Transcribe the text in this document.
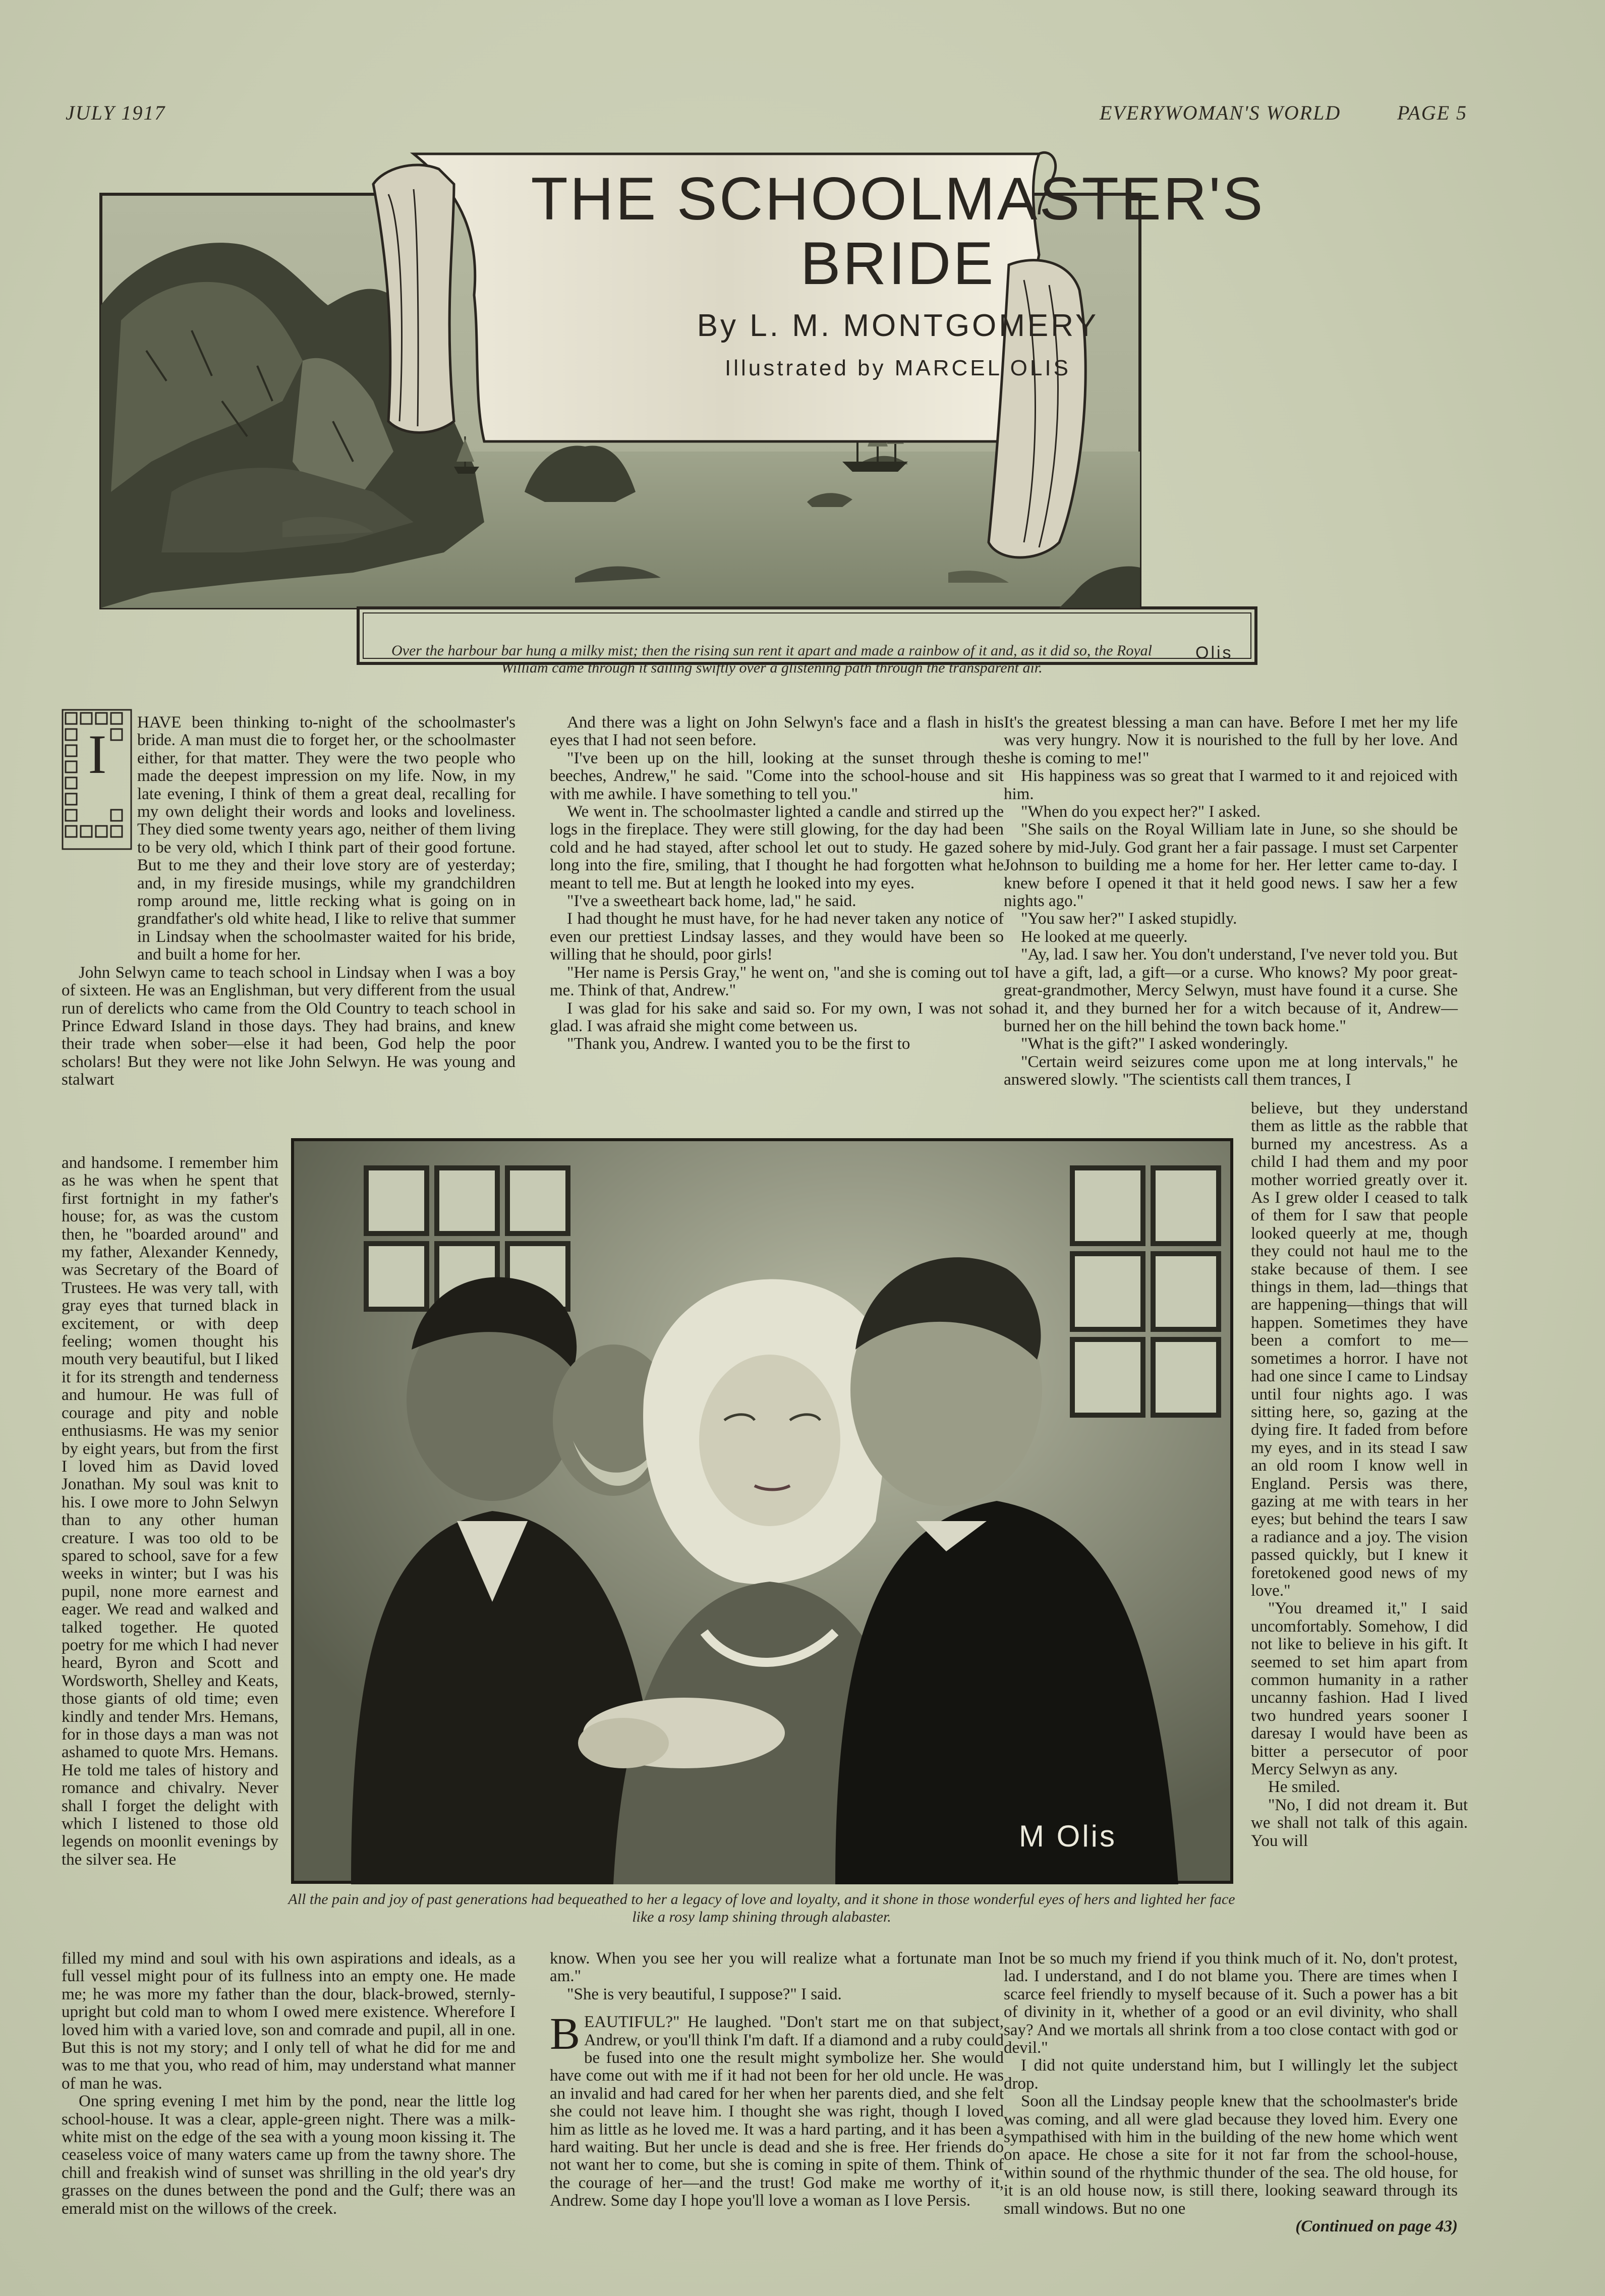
JULY 1917	EVERYWOMAN'S WORLD	PAGE 5
THE SCHOOLMASTER'S
BRIDE
By L. M. MONTGOMERY
Illustrated by MARCEL OLIS
Olis
Over the harbour bar hung a milky mist; then the rising sun rent it apart and made a rainbow of it and, as it did so, the Royal William came through it sailing swiftly over a glistening path through the transparent air.
I

HAVE been thinking to-night of the schoolmaster's bride. A man must die to forget her, or the schoolmaster either, for that matter. They were the two people who made the deepest impression on my life. Now, in my late evening, I think of them a great deal, recalling for my own delight their words and looks and loveliness. They died some twenty years ago, neither of them living to be very old, which I think part of their good fortune. But to me they and their love story are of yesterday; and, in my fireside musings, while my grandchildren romp around me, little recking what is going on in grandfather's old white head, I like to relive that summer in Lindsay when the schoolmaster waited for his bride, and built a home for her.

John Selwyn came to teach school in Lindsay when I was a boy of sixteen. He was an Englishman, but very different from the usual run of derelicts who came from the Old Country to teach school in Prince Edward Island in those days. They had brains, and knew their trade when sober—else it had been, God help the poor scholars! But they were not like John Selwyn. He was young and stalwart

and handsome. I remember him as he was when he spent that first fortnight in my father's house; for, as was the custom then, he "boarded around" and my father, Alexander Kennedy, was Secretary of the Board of Trustees. He was very tall, with gray eyes that turned black in excitement, or with deep feeling; women thought his mouth very beautiful, but I liked it for its strength and tenderness and humour. He was full of courage and pity and noble enthusiasms. He was my senior by eight years, but from the first I loved him as David loved Jonathan. My soul was knit to his. I owe more to John Selwyn than to any other human creature. I was too old to be spared to school, save for a few weeks in winter; but I was his pupil, none more earnest and eager. We read and walked and talked together. He quoted poetry for me which I had never heard, Byron and Scott and Wordsworth, Shelley and Keats, those giants of old time; even kindly and tender Mrs. Hemans, for in those days a man was not ashamed to quote Mrs. Hemans. He told me tales of history and romance and chivalry. Never shall I forget the delight with which I listened to those old legends on moonlit evenings by the silver sea. He

filled my mind and soul with his own aspirations and ideals, as a full vessel might pour of its fullness into an empty one. He made me; he was more my father than the dour, black-browed, sternly-upright but cold man to whom I owed mere existence. Wherefore I loved him with a varied love, son and comrade and pupil, all in one. But this is not my story; and I only tell of what he did for me and was to me that you, who read of him, may understand what manner of man he was.

One spring evening I met him by the pond, near the little log school-house. It was a clear, apple-green night. There was a milk-white mist on the edge of the sea with a young moon kissing it. The ceaseless voice of many waters came up from the tawny shore. The chill and freakish wind of sunset was shrilling in the old year's dry grasses on the dunes between the pond and the Gulf; there was an emerald mist on the willows of the creek.

And there was a light on John Selwyn's face and a flash in his eyes that I had not seen before.

"I've been up on the hill, looking at the sunset through the beeches, Andrew," he said. "Come into the school-house and sit with me awhile. I have something to tell you."

We went in. The schoolmaster lighted a candle and stirred up the logs in the fireplace. They were still glowing, for the day had been cold and he had stayed, after school let out to study. He gazed so long into the fire, smiling, that I thought he had forgotten what he meant to tell me. But at length he looked into my eyes.

"I've a sweetheart back home, lad," he said.

I had thought he must have, for he had never taken any notice of even our prettiest Lindsay lasses, and they would have been so willing that he should, poor girls!

"Her name is Persis Gray," he went on, "and she is coming out to me. Think of that, Andrew."

I was glad for his sake and said so. For my own, I was not so glad. I was afraid she might come between us.

"Thank you, Andrew. I wanted you to be the first to

know. When you see her you will realize what a fortunate man I am."

"She is very beautiful, I suppose?" I said.

BEAUTIFUL?" He laughed. "Don't start me on that subject, Andrew, or you'll think I'm daft. If a diamond and a ruby could be fused into one the result might symbolize her. She would have come out with me if it had not been for her old uncle. He was an invalid and had cared for her when her parents died, and she felt she could not leave him. I thought she was right, though I loved him as little as he loved me. It was a hard parting, and it has been a hard waiting. But her uncle is dead and she is free. Her friends do not want her to come, but she is coming in spite of them. Think of the courage of her—and the trust! God make me worthy of it, Andrew. Some day I hope you'll love a woman as I love Persis.

It's the greatest blessing a man can have. Before I met her my life was very hungry. Now it is nourished to the full by her love. And she is coming to me!"

His happiness was so great that I warmed to it and rejoiced with him.

"When do you expect her?" I asked.

"She sails on the Royal William late in June, so she should be here by mid-July. God grant her a fair passage. I must set Carpenter Johnson to building me a home for her. Her letter came to-day. I knew before I opened it that it held good news. I saw her a few nights ago."

"You saw her?" I asked stupidly.

He looked at me queerly.

"Ay, lad. I saw her. You don't understand, I've never told you. But I have a gift, lad, a gift—or a curse. Who knows? My poor great-great-grandmother, Mercy Selwyn, must have found it a curse. She had it, and they burned her for a witch because of it, Andrew—burned her on the hill behind the town back home."

"What is the gift?" I asked wonderingly.

"Certain weird seizures come upon me at long intervals," he answered slowly. "The scientists call them trances, I

believe, but they understand them as little as the rabble that burned my ancestress. As a child I had them and my poor mother worried greatly over it. As I grew older I ceased to talk of them for I saw that people looked queerly at me, though they could not haul me to the stake because of them. I see things in them, lad—things that are happening—things that will happen. Sometimes they have been a comfort to me—sometimes a horror. I have not had one since I came to Lindsay until four nights ago. I was sitting here, so, gazing at the dying fire. It faded from before my eyes, and in its stead I saw an old room I know well in England. Persis was there, gazing at me with tears in her eyes; but behind the tears I saw a radiance and a joy. The vision passed quickly, but I knew it foretokened good news of my love."

"You dreamed it," I said uncomfortably. Somehow, I did not like to believe in his gift. It seemed to set him apart from common humanity in a rather uncanny fashion. Had I lived two hundred years sooner I daresay I would have been as bitter a persecutor of poor Mercy Selwyn as any.

He smiled.

"No, I did not dream it. But we shall not talk of this again. You will

not be so much my friend if you think much of it. No, don't protest, lad. I understand, and I do not blame you. There are times when I scarce feel friendly to myself because of it. Such a power has a bit of divinity in it, whether of a good or an evil divinity, who shall say? And we mortals all shrink from a too close contact with god or devil."

I did not quite understand him, but I willingly let the subject drop.

Soon all the Lindsay people knew that the schoolmaster's bride was coming, and all were glad because they loved him. Every one sympathised with him in the building of the new home which went on apace. He chose a site for it not far from the school-house, within sound of the rhythmic thunder of the sea. The old house, for it is an old house now, is still there, looking seaward through its small windows. But no one

(Continued on page 43)

M Olis
All the pain and joy of past generations had bequeathed to her a legacy of love and loyalty, and it shone in those wonderful eyes of hers and lighted her face like a rosy lamp shining through alabaster.
